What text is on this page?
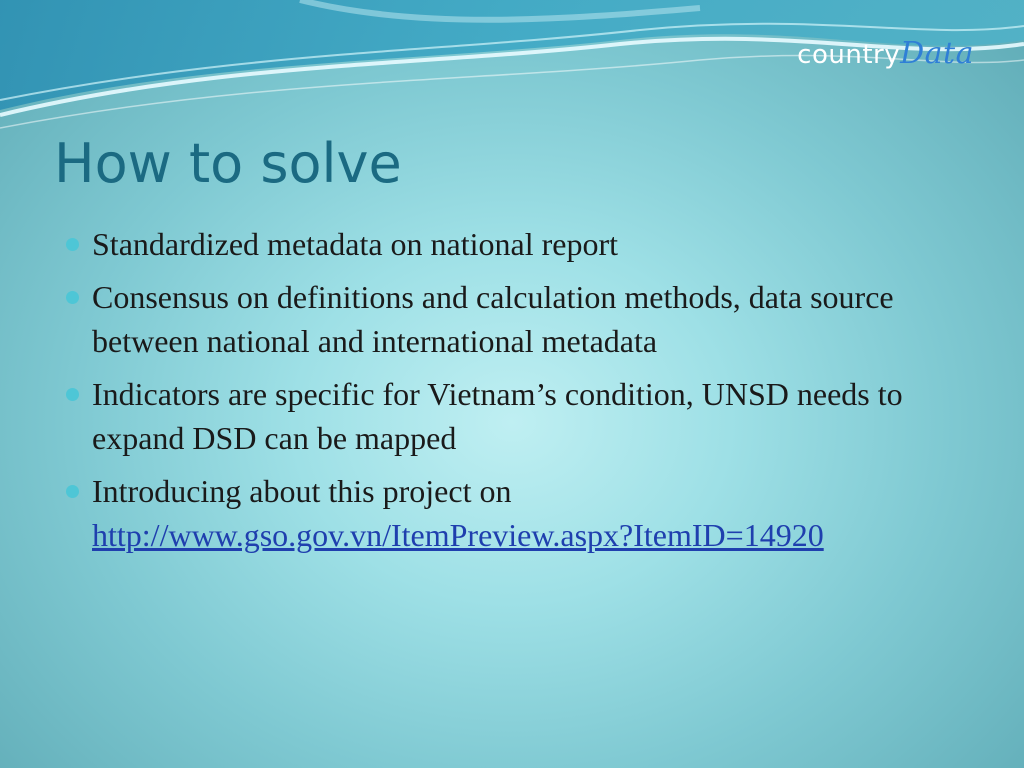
countryData
How to solve
Standardized metadata on national report
Consensus on definitions and calculation methods, data source between national and international metadata
Indicators are specific for Vietnam’s condition, UNSD needs to expand DSD can be mapped
Introducing about this project on
http://www.gso.gov.vn/ItemPreview.aspx?ItemID=14920
